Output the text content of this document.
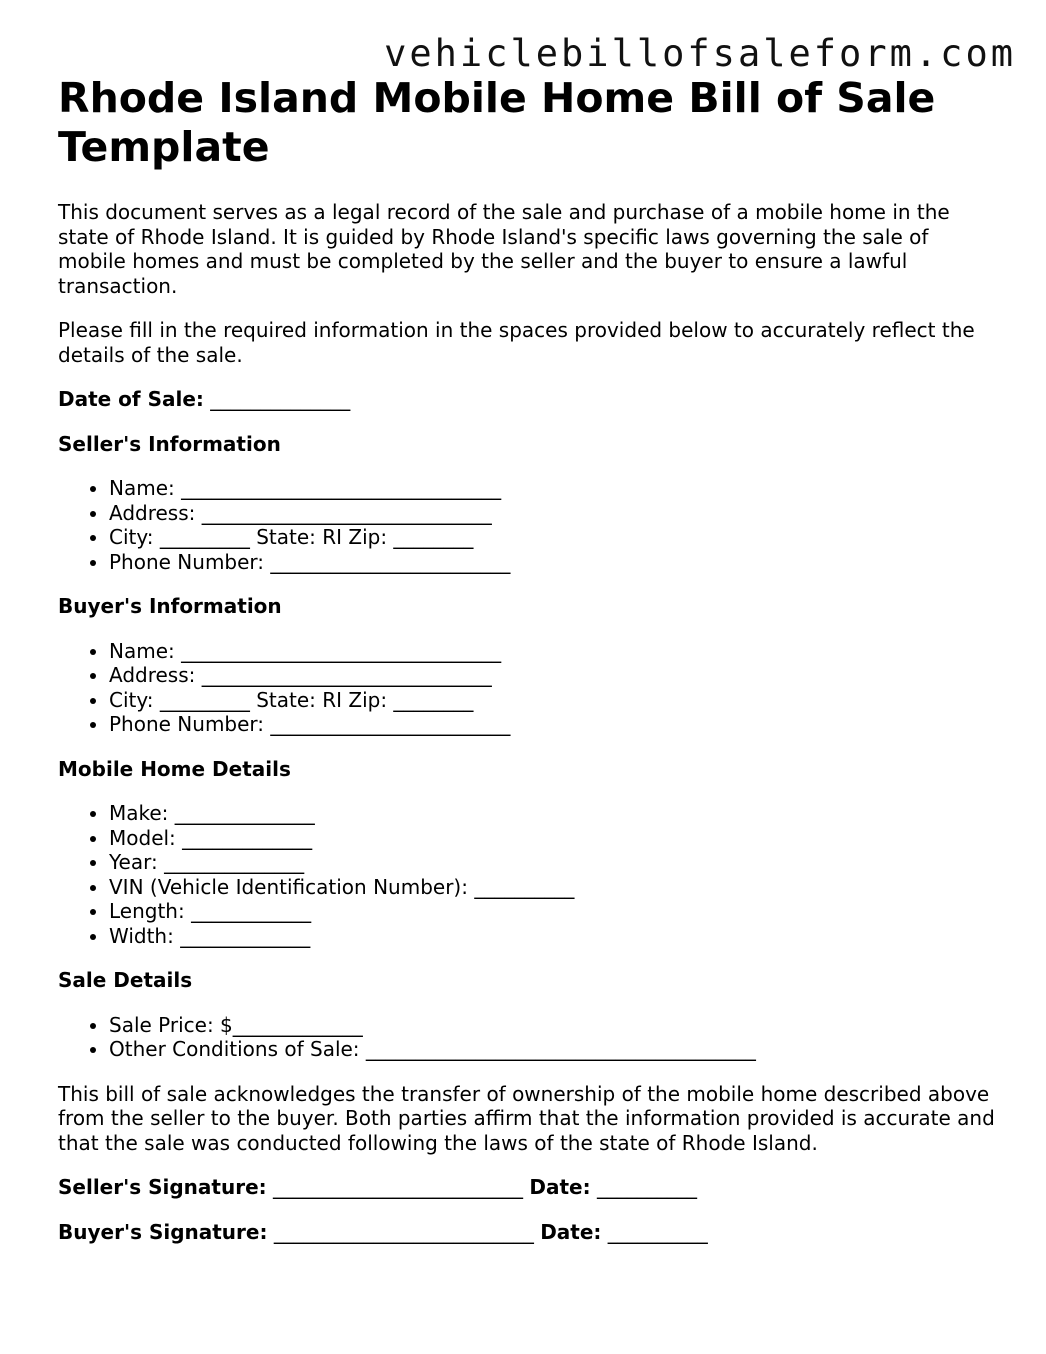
vehiclebillofsaleform.com
Rhode Island Mobile Home Bill of Sale Template

This document serves as a legal record of the sale and purchase of a mobile home in the state of Rhode Island. It is guided by Rhode Island's specific laws governing the sale of mobile homes and must be completed by the seller and the buyer to ensure a lawful transaction.

Please fill in the required information in the spaces provided below to accurately reflect the details of the sale.

Date of Sale: ______________
Seller's Information
• Name: ________________________________
• Address: _____________________________
• City: _________ State: RI Zip: ________
• Phone Number: ________________________
Buyer's Information
• Name: ________________________________
• Address: _____________________________
• City: _________ State: RI Zip: ________
• Phone Number: ________________________
Mobile Home Details
• Make: ______________
• Model: _____________
• Year: ______________
• VIN (Vehicle Identification Number): __________
• Length: ____________
• Width: _____________
Sale Details
• Sale Price: $_____________
• Other Conditions of Sale: _______________________________________

This bill of sale acknowledges the transfer of ownership of the mobile home described above from the seller to the buyer. Both parties affirm that the information provided is accurate and that the sale was conducted following the laws of the state of Rhode Island.

Seller's Signature: _________________________ Date: __________
Buyer's Signature: __________________________ Date: __________
